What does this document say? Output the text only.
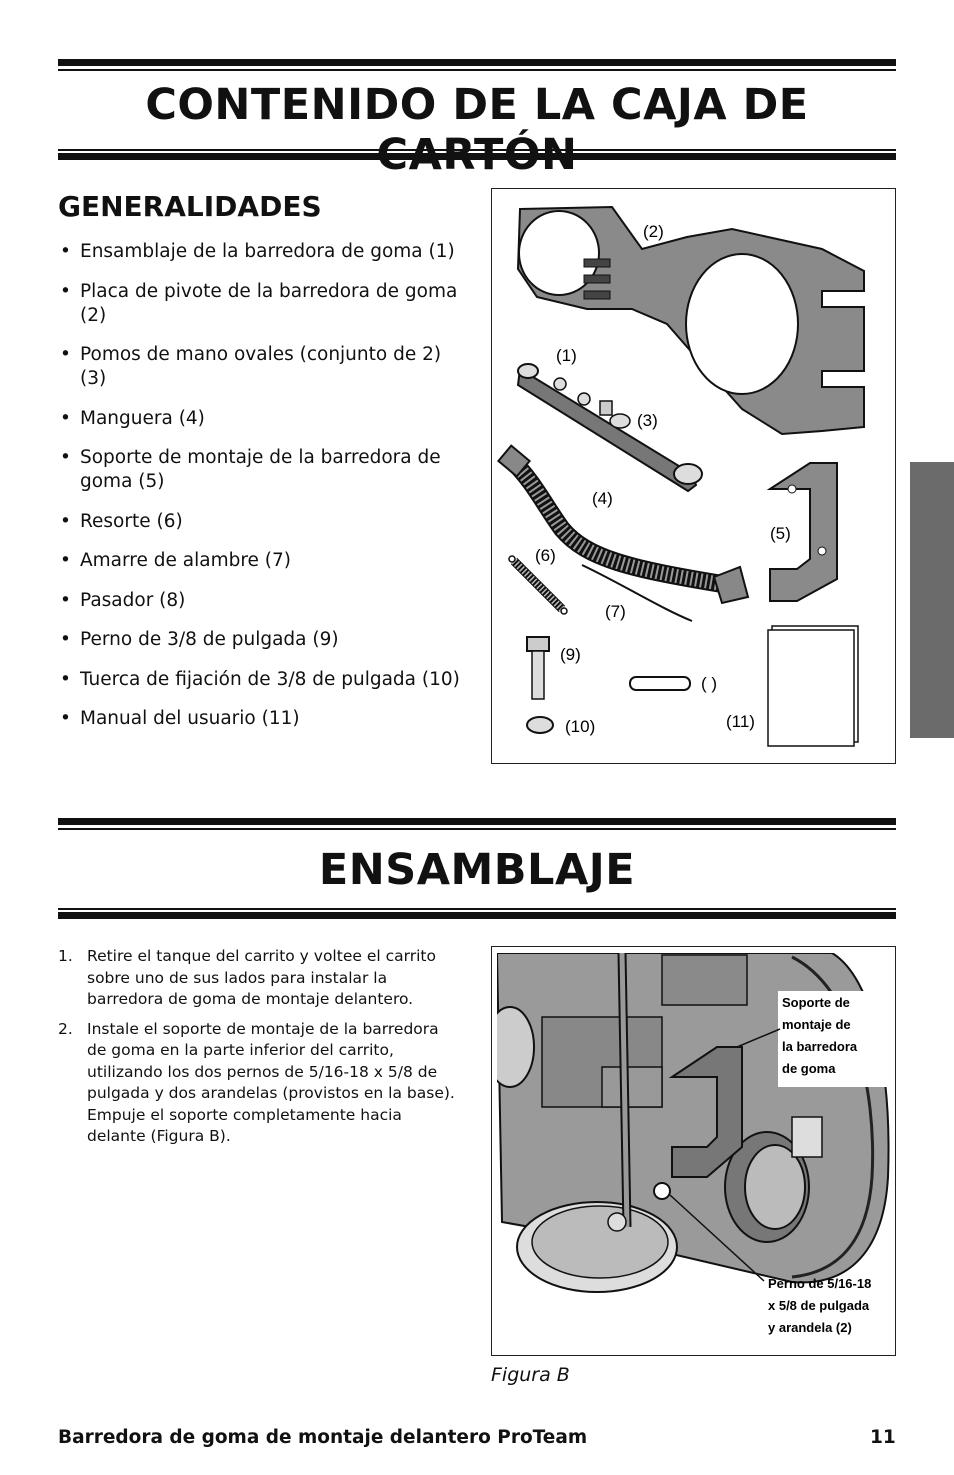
CONTENIDO DE LA CAJA DE
GENERALIDADES
• Ensamblaje de la barredora de goma (1)
• Placa de pivote de la barredora de goma (2)
• Pomos de mano ovales (conjunto de 2) (3)
• Manguera (4)
• Soporte de montaje de la barredora de goma (5)
• Resorte (6)
• Amarre de alambre (7)
• Pasador (8)
• Perno de 3/8 de pulgada (9)
• Tuerca de fijación de 3/8 de pulgada (10)
• Manual del usuario (11)
(2)
(1)
(3)
(4)
(5)
(6)
(7)
(9)
( )
(10)	(11)
ENSAMBLAJE
1. Retire el tanque del carrito y voltee el carrito sobre uno de sus lados para instalar la barredora de goma de montaje delantero.
2. Instale el soporte de montaje de la barredora de goma en la parte inferior del carrito, utilizando los dos pernos de 5/16-18 x 5/8 de pulgada y dos arandelas (provistos en la base). Empuje el soporte completamente hacia delante (Figura B).
Soporte de montaje de la barredora de goma
Perno de 5/16-18 x 5/8 de pulgada y arandela (2)
Figura B
Barredora de goma de montaje delantero ProTeam	11
